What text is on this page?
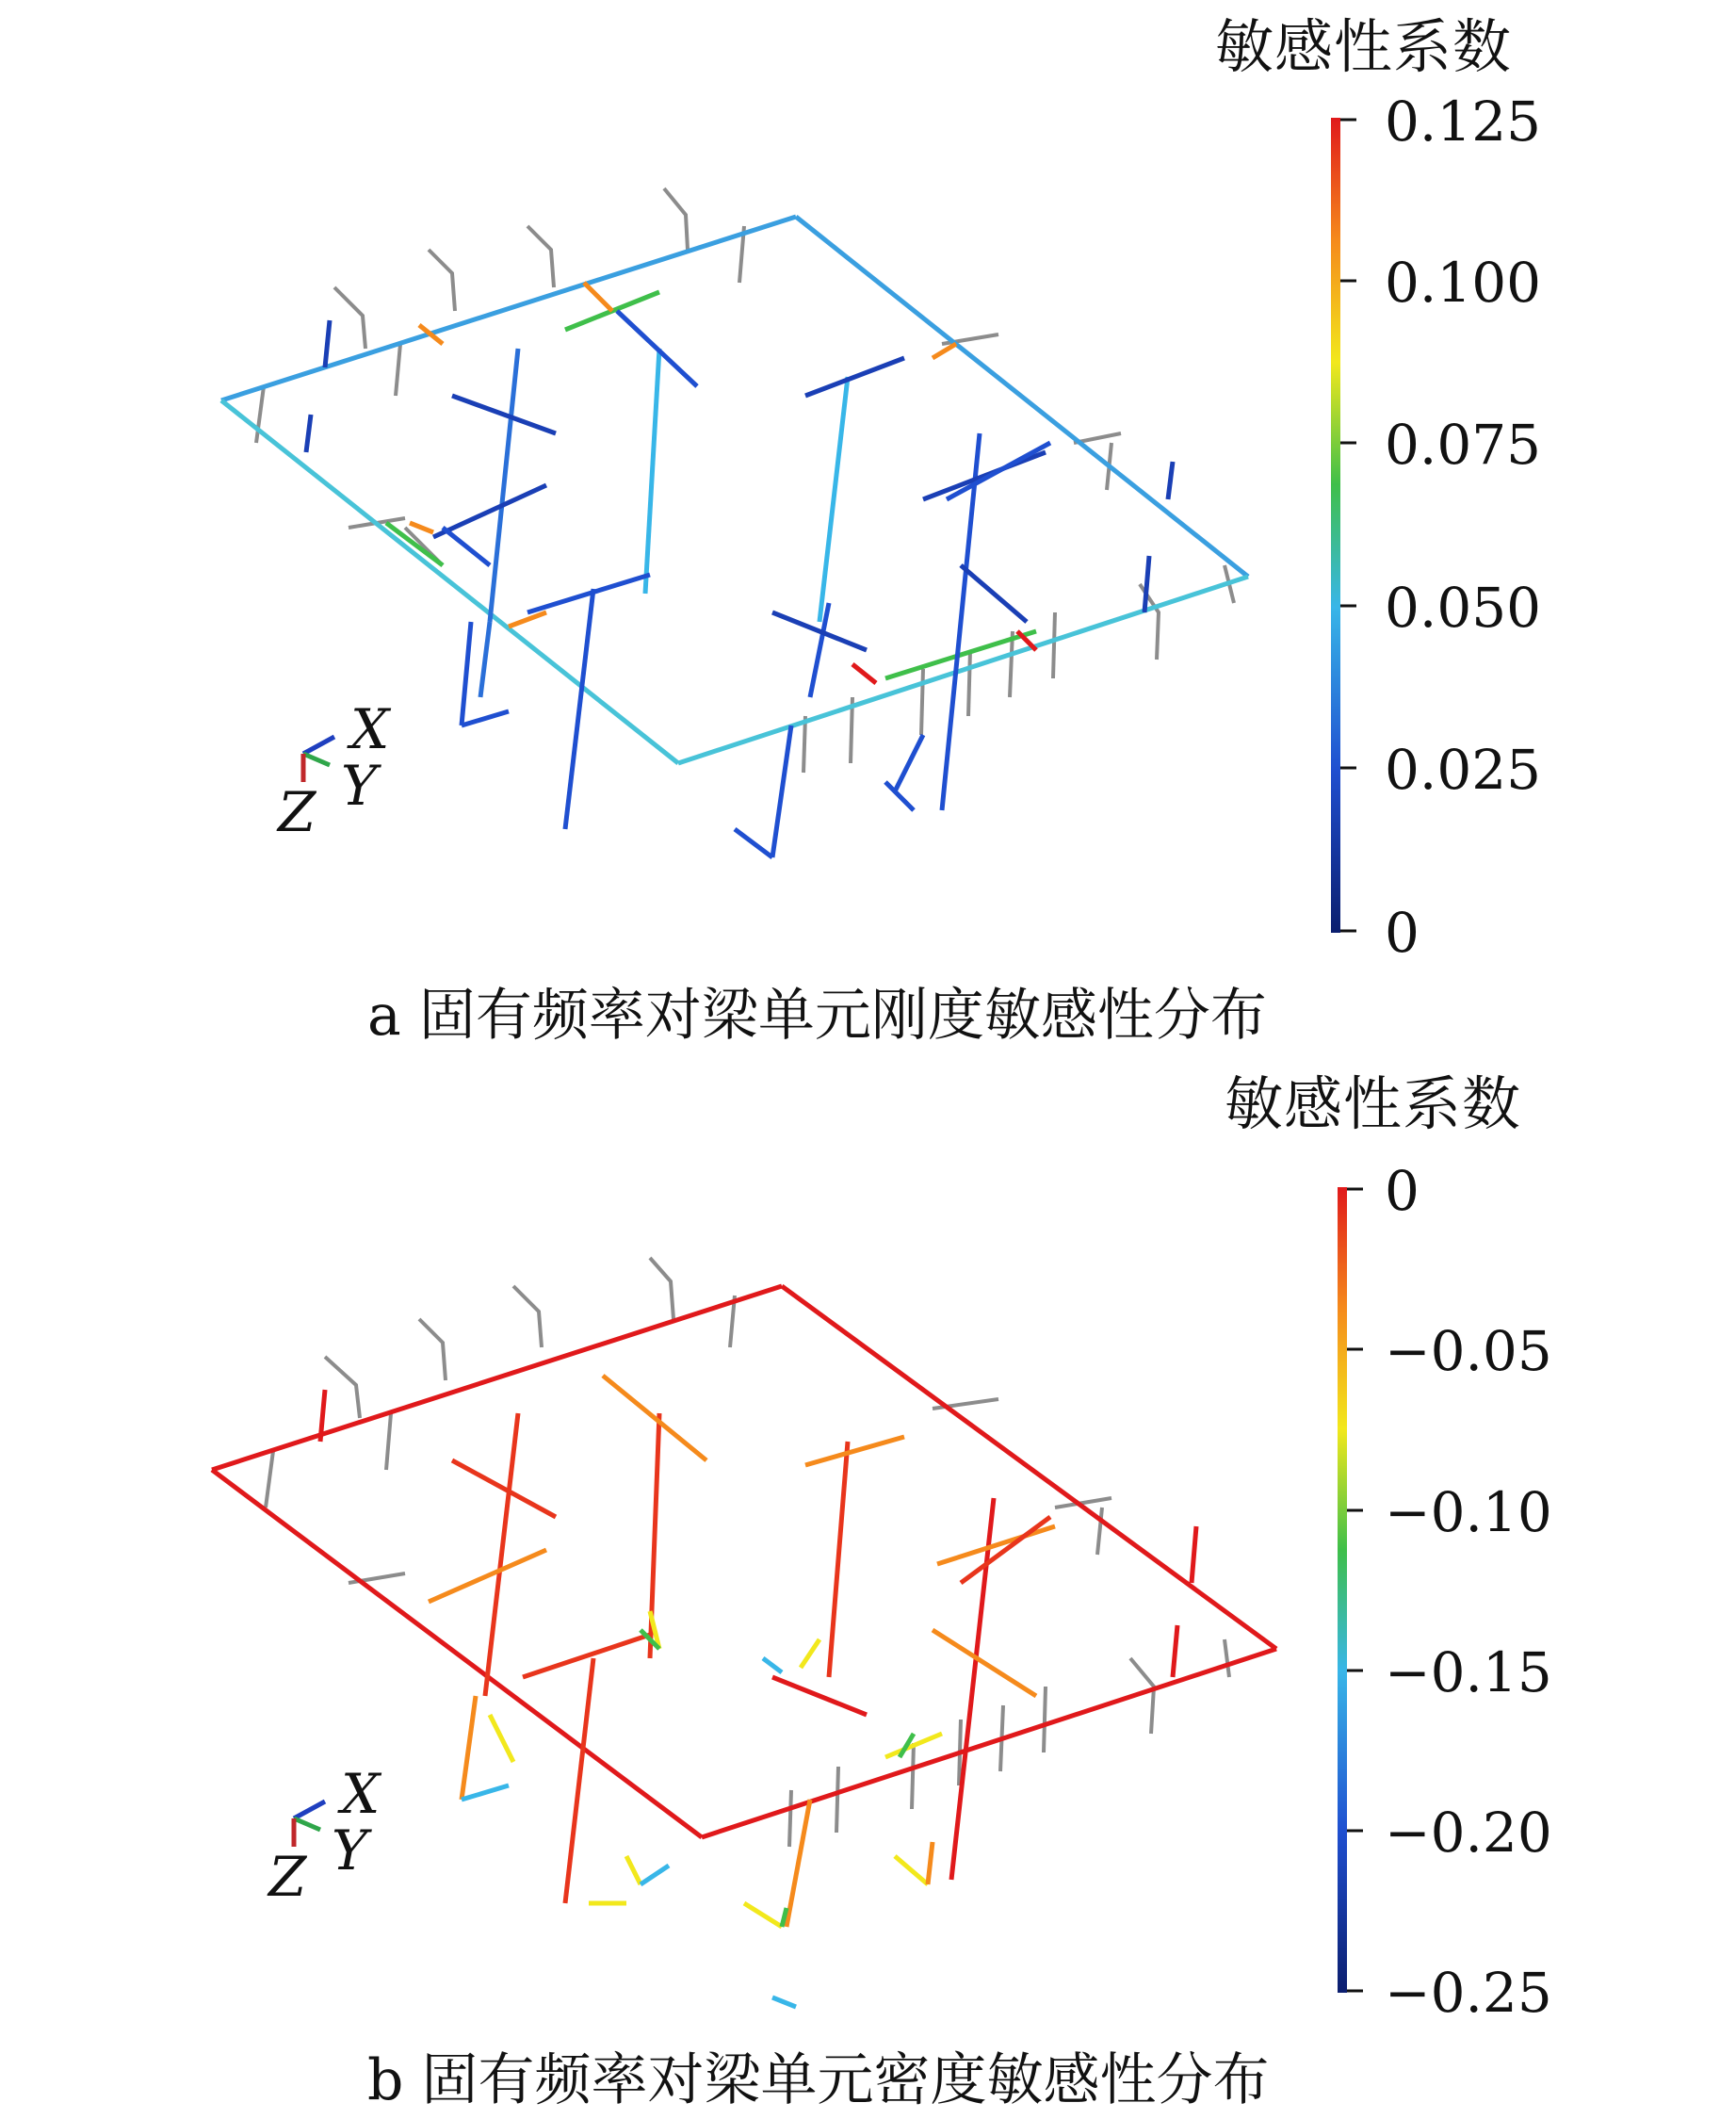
敏感性系数
0.125
0.100
0.075
0.050
0.025
0
X
Y
Z
a 固有频率对梁单元刚度敏感性分布
敏感性系数
0
−0.05
−0.10
−0.15
−0.20
−0.25
X
Y
Z
b 固有频率对梁单元密度敏感性分布
